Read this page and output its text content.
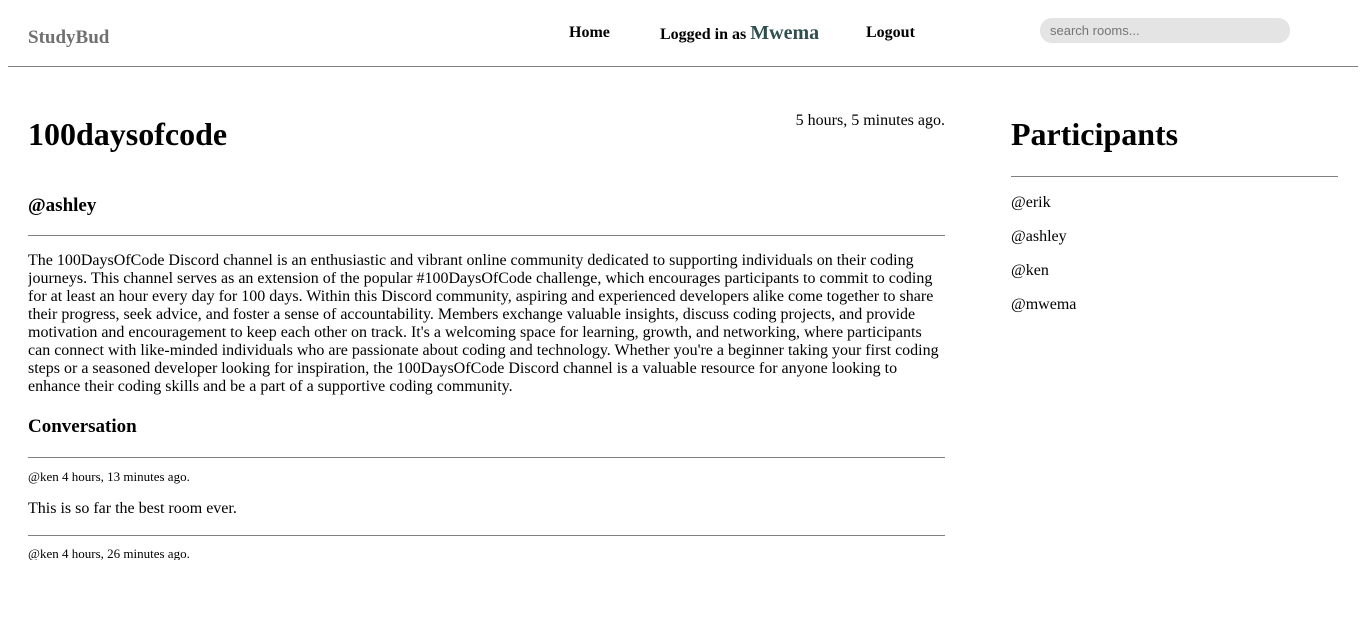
StudyBud	Home	Logged in as Mwema	Logout
search rooms...
100daysofcode	5 hours, 5 minutes ago.
@ashley

The 100DaysOfCode Discord channel is an enthusiastic and vibrant online community dedicated to supporting individuals on their coding journeys. This channel serves as an extension of the popular #100DaysOfCode challenge, which encourages participants to commit to coding for at least an hour every day for 100 days. Within this Discord community, aspiring and experienced developers alike come together to share their progress, seek advice, and foster a sense of accountability. Members exchange valuable insights, discuss coding projects, and provide motivation and encouragement to keep each other on track. It's a welcoming space for learning, growth, and networking, where participants can connect with like-minded individuals who are passionate about coding and technology. Whether you're a beginner taking your first coding steps or a seasoned developer looking for inspiration, the 100DaysOfCode Discord channel is a valuable resource for anyone looking to enhance their coding skills and be a part of a supportive coding community.

Conversation
@ken 4 hours, 13 minutes ago.
This is so far the best room ever.
@ken 4 hours, 26 minutes ago.
Participants
@erik
@ashley
@ken
@mwema
